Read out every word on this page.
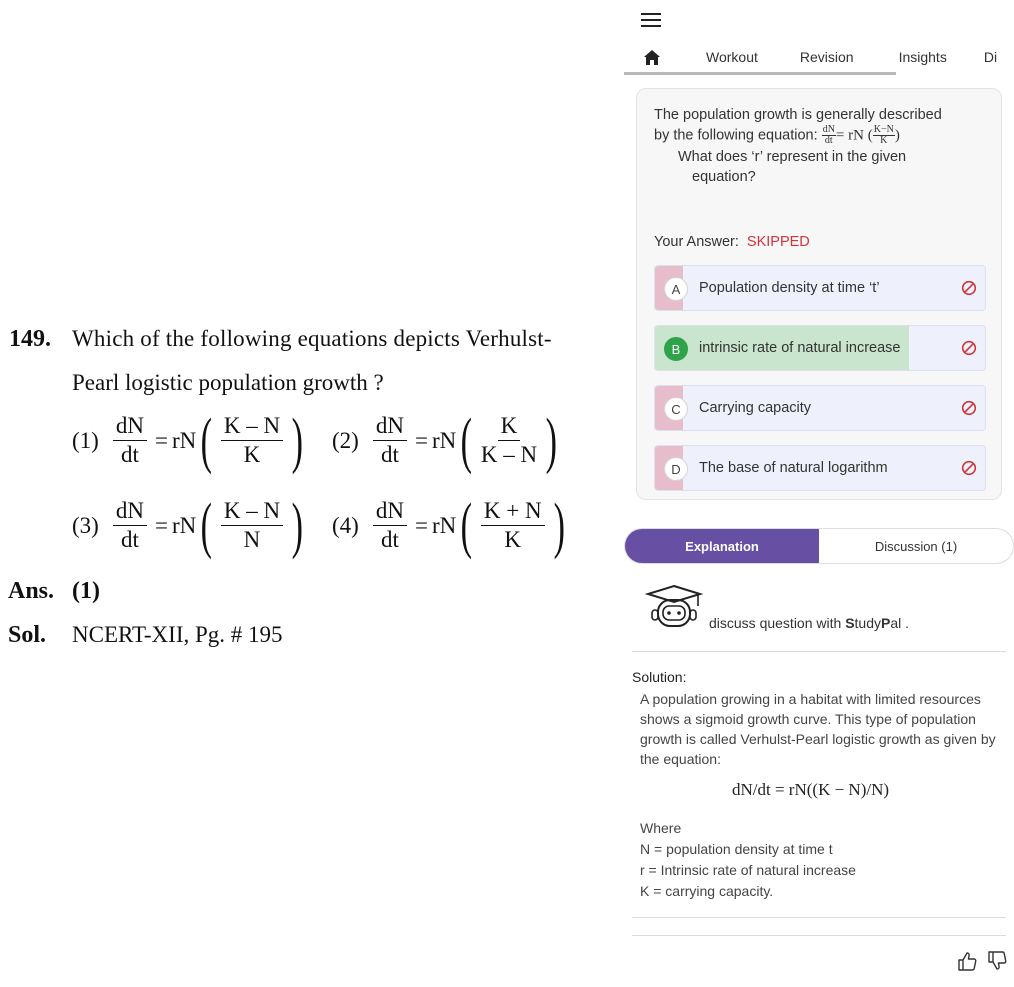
149. Which of the following equations depicts Verhulst-
Pearl logistic population growth ?
$(1) \frac{dN}{dt}$ = rN ( $\frac{K - N}{K}$ ) $(2) \frac{dN}{dt}$ = rN ( $\frac{K}{K - N}$ )
$(3) \frac{dN}{dt}$ = rN ( $\frac{K - N}{N}$ ) $(4) \frac{dN}{dt}$ = rN ( $\frac{K + N}{K}$ )
Ans. (1)
Sol. NCERT-XII, Pg. # 195
Workout	Revision	Insights	Di
The population growth is generally described
by the following equation: $\frac{dN}{dt}$ = rN ( $\frac{K-N}{K}$ )
What does ‘r’ represent in the given
equation?
Your Answer: SKIPPED
A	Population density at time ‘t’
B	intrinsic rate of natural increase
C	Carrying capacity
D	The base of natural logarithm
Explanation	Discussion (1)
discuss question with StudyPal .
Solution:
A population growing in a habitat with limited resources shows a sigmoid growth curve. This type of population growth is called Verhulst-Pearl logistic growth as given by the equation:
dN/dt = rN((K − N)/N)
Where
N = population density at time t
r = Intrinsic rate of natural increase
K = carrying capacity.
